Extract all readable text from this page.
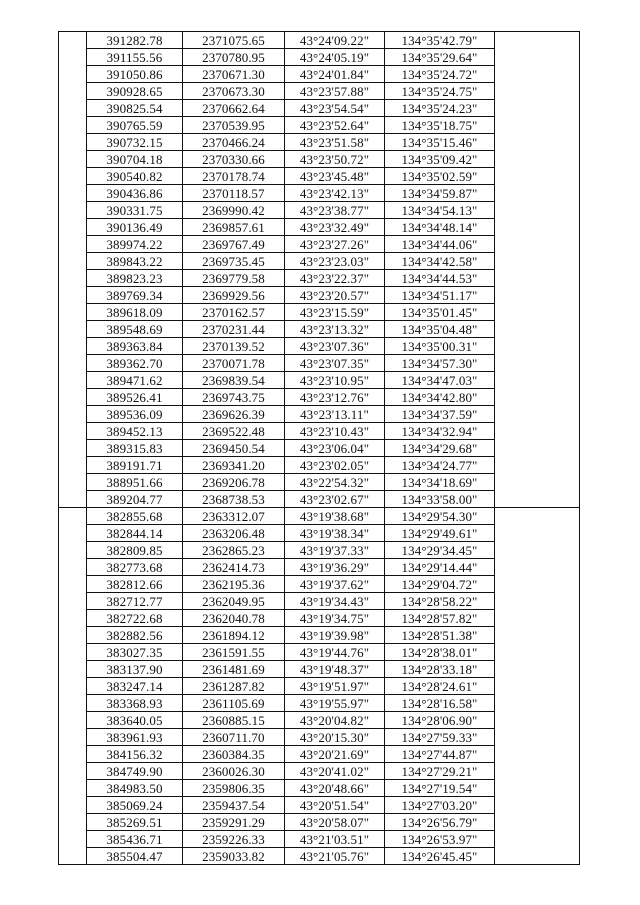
	391282.78	2371075.65	43°24'09.22"	134°35'42.79"	
	391155.56	2370780.95	43°24'05.19"	134°35'29.64"	
	391050.86	2370671.30	43°24'01.84"	134°35'24.72"	
	390928.65	2370673.30	43°23'57.88"	134°35'24.75"	
	390825.54	2370662.64	43°23'54.54"	134°35'24.23"	
	390765.59	2370539.95	43°23'52.64"	134°35'18.75"	
	390732.15	2370466.24	43°23'51.58"	134°35'15.46"	
	390704.18	2370330.66	43°23'50.72"	134°35'09.42"	
	390540.82	2370178.74	43°23'45.48"	134°35'02.59"	
	390436.86	2370118.57	43°23'42.13"	134°34'59.87"	
	390331.75	2369990.42	43°23'38.77"	134°34'54.13"	
	390136.49	2369857.61	43°23'32.49"	134°34'48.14"	
	389974.22	2369767.49	43°23'27.26"	134°34'44.06"	
	389843.22	2369735.45	43°23'23.03"	134°34'42.58"	
	389823.23	2369779.58	43°23'22.37"	134°34'44.53"	
	389769.34	2369929.56	43°23'20.57"	134°34'51.17"	
	389618.09	2370162.57	43°23'15.59"	134°35'01.45"	
	389548.69	2370231.44	43°23'13.32"	134°35'04.48"	
	389363.84	2370139.52	43°23'07.36"	134°35'00.31"	
	389362.70	2370071.78	43°23'07.35"	134°34'57.30"	
	389471.62	2369839.54	43°23'10.95"	134°34'47.03"	
	389526.41	2369743.75	43°23'12.76"	134°34'42.80"	
	389536.09	2369626.39	43°23'13.11"	134°34'37.59"	
	389452.13	2369522.48	43°23'10.43"	134°34'32.94"	
	389315.83	2369450.54	43°23'06.04"	134°34'29.68"	
	389191.71	2369341.20	43°23'02.05"	134°34'24.77"	
	388951.66	2369206.78	43°22'54.32"	134°34'18.69"	
	389204.77	2368738.53	43°23'02.67"	134°33'58.00"	
	382855.68	2363312.07	43°19'38.68"	134°29'54.30"	
	382844.14	2363206.48	43°19'38.34"	134°29'49.61"	
	382809.85	2362865.23	43°19'37.33"	134°29'34.45"	
	382773.68	2362414.73	43°19'36.29"	134°29'14.44"	
	382812.66	2362195.36	43°19'37.62"	134°29'04.72"	
	382712.77	2362049.95	43°19'34.43"	134°28'58.22"	
	382722.68	2362040.78	43°19'34.75"	134°28'57.82"	
	382882.56	2361894.12	43°19'39.98"	134°28'51.38"	
	383027.35	2361591.55	43°19'44.76"	134°28'38.01"	
	383137.90	2361481.69	43°19'48.37"	134°28'33.18"	
	383247.14	2361287.82	43°19'51.97"	134°28'24.61"	
	383368.93	2361105.69	43°19'55.97"	134°28'16.58"	
	383640.05	2360885.15	43°20'04.82"	134°28'06.90"	
	383961.93	2360711.70	43°20'15.30"	134°27'59.33"	
	384156.32	2360384.35	43°20'21.69"	134°27'44.87"	
	384749.90	2360026.30	43°20'41.02"	134°27'29.21"	
	384983.50	2359806.35	43°20'48.66"	134°27'19.54"	
	385069.24	2359437.54	43°20'51.54"	134°27'03.20"	
	385269.51	2359291.29	43°20'58.07"	134°26'56.79"	
	385436.71	2359226.33	43°21'03.51"	134°26'53.97"	
	385504.47	2359033.82	43°21'05.76"	134°26'45.45"	
